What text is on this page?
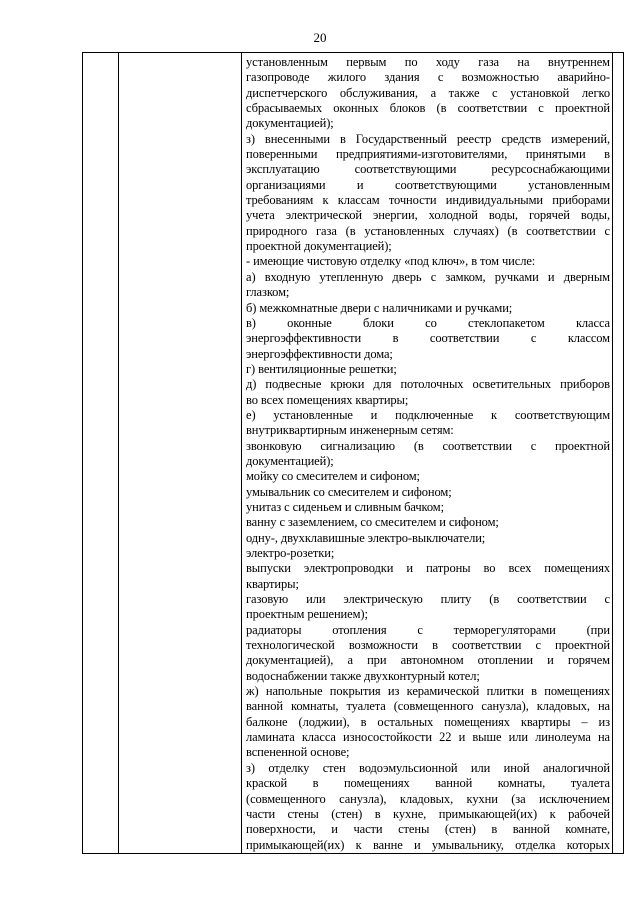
20

установленным первым по ходу газа на внутреннем
газопроводе жилого здания с возможностью аварийно-
диспетчерского обслуживания, а также с установкой легко
сбрасываемых оконных блоков (в соответствии с проектной
документацией);
з) внесенными в Государственный реестр средств измерений,
поверенными предприятиями-изготовителями, принятыми в
эксплуатацию соответствующими ресурсоснабжающими
организациями и соответствующими установленным
требованиям к классам точности индивидуальными приборами
учета электрической энергии, холодной воды, горячей воды,
природного газа (в установленных случаях) (в соответствии с
проектной документацией);
- имеющие чистовую отделку «под ключ», в том числе:
а) входную утепленную дверь с замком, ручками и дверным
глазком;
б) межкомнатные двери с наличниками и ручками;
в) оконные блоки со стеклопакетом класса
энергоэффективности в соответствии с классом
энергоэффективности дома;
г) вентиляционные решетки;
д) подвесные крюки для потолочных осветительных приборов
во всех помещениях квартиры;
е) установленные и подключенные к соответствующим
внутриквартирным инженерным сетям:
звонковую сигнализацию (в соответствии с проектной
документацией);
мойку со смесителем и сифоном;
умывальник со смесителем и сифоном;
унитаз с сиденьем и сливным бачком;
ванну с заземлением, со смесителем и сифоном;
одну-, двухклавишные электро-выключатели;
электро-розетки;
выпуски электропроводки и патроны во всех помещениях
квартиры;
газовую или электрическую плиту (в соответствии с
проектным решением);
радиаторы отопления с терморегуляторами (при
технологической возможности в соответствии с проектной
документацией), а при автономном отоплении и горячем
водоснабжении также двухконтурный котел;
ж) напольные покрытия из керамической плитки в помещениях
ванной комнаты, туалета (совмещенного санузла), кладовых, на
балконе (лоджии), в остальных помещениях квартиры – из
ламината класса износостойкости 22 и выше или линолеума на
вспененной основе;
з) отделку стен водоэмульсионной или иной аналогичной
краской в помещениях ванной комнаты, туалета
(совмещенного санузла), кладовых, кухни (за исключением
части стены (стен) в кухне, примыкающей(их) к рабочей
поверхности, и части стены (стен) в ванной комнате,
примыкающей(их) к ванне и умывальнику, отделка которых
